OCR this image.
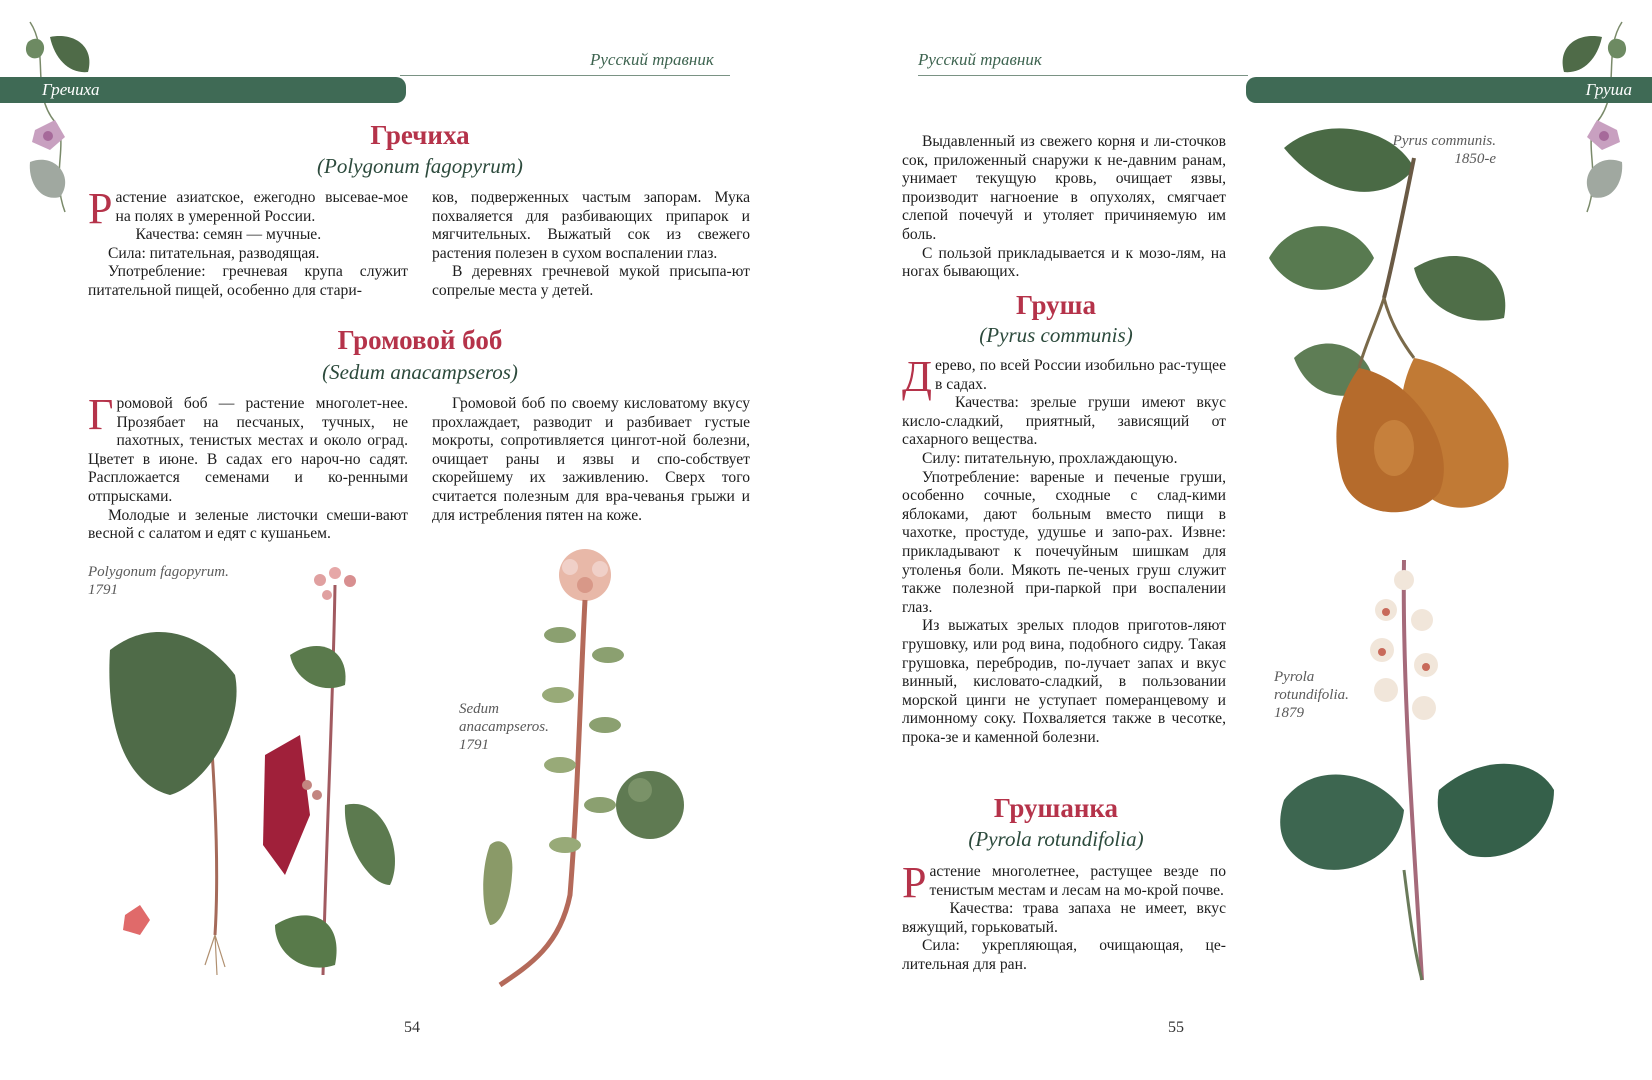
Русский травник
Гречиха
Гречиха
(Polygonum fagopyrum)

Растение азиатское, ежегодно высевае-мое на полях в умеренной России.

Качества: семян — мучные.

Сила: питательная, разводящая.

Употребление: гречневая крупа служит питательной пищей, особенно для стари-

ков, подверженных частым запорам. Мука похваляется для разбивающих припарок и мягчительных. Выжатый сок из свежего растения полезен в сухом воспалении глаз.

В деревнях гречневой мукой присыпа-ют сопрелые места у детей.

Громовой боб
(Sedum anacampseros)

Громовой боб — растение многолет-нее. Прозябает на песчаных, тучных, не пахотных, тенистых местах и около оград. Цветет в июне. В садах его нароч-но садят. Распложается семенами и ко-ренными отпрысками.

Молодые и зеленые листочки смеши-вают весной с салатом и едят с кушаньем.

Громовой боб по своему кисловатому вкусу прохлаждает, разводит и разбивает густые мокроты, сопротивляется цингот-ной болезни, очищает раны и язвы и спо-собствует скорейшему их заживлению. Сверх того считается полезным для вра-чеванья грыжи и для истребления пятен на коже.

Polygonum fagopyrum.
1791
Sedum
anacampseros.
1791
54
Русский травник
Груша

Выдавленный из свежего корня и ли-сточков сок, приложенный снаружи к не-давним ранам, унимает текущую кровь, очищает язвы, производит нагноение в опухолях, смягчает слепой почечуй и утоляет причиняемую им боль.

С пользой прикладывается и к мозо-лям, на ногах бывающих.

Груша
(Pyrus communis)

Дерево, по всей России изобильно рас-тущее в садах.

Качества: зрелые груши имеют вкус кисло-сладкий, приятный, зависящий от сахарного вещества.

Силу: питательную, прохлаждающую.

Употребление: вареные и печеные груши, особенно сочные, сходные с слад-кими яблоками, дают больным вместо пищи в чахотке, простуде, удушье и запо-рах. Извне: прикладывают к почечуйным шишкам для утоленья боли. Мякоть пе-ченых груш служит также полезной при-паркой при воспалении глаз.

Из выжатых зрелых плодов приготов-ляют грушовку, или род вина, подобного сидру. Такая грушовка, перебродив, по-лучает запах и вкус винный, кисловато-сладкий, в пользовании морской цинги не уступает померанцевому и лимонному соку. Похваляется также в чесотке, прока-зе и каменной болезни.

Грушанка
(Pyrola rotundifolia)

Растение многолетнее, растущее везде по тенистым местам и лесам на мо-крой почве.

Качества: трава запаха не имеет, вкус вяжущий, горьковатый.

Сила: укрепляющая, очищающая, це-лительная для ран.

Pyrus communis.
1850-е
Pyrola
rotundifolia.
1879
55
